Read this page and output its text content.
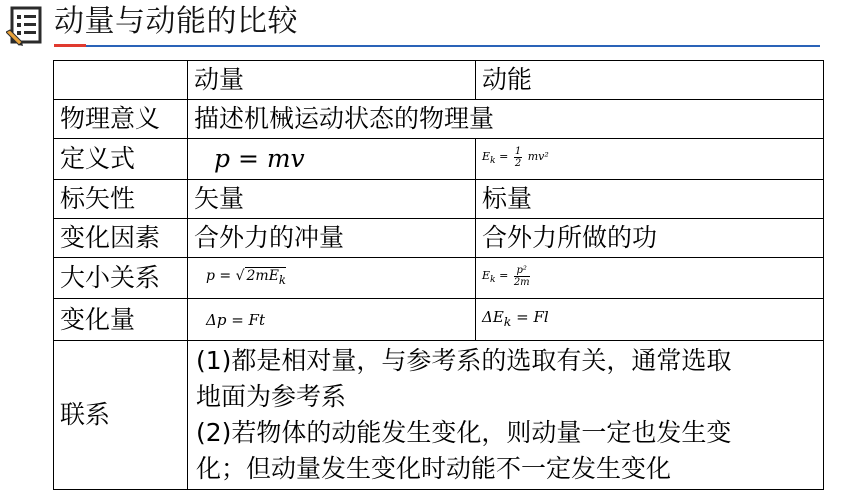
动量与动能的比较
	动量	动能
物理意义	描述机械运动状态的物理量	
定义式	p = mv	$E_k = \frac{1}{2} mv^2$
标矢性	矢量	标量
变化因素	合外力的冲量	合外力所做的功
大小关系	p = √ $2mE_k$	$E_k = \frac{\text{p²}}{2m}$

变化量	Δp = Ft	$\Delta E_k = Fl$
联系	(1)都是相对量，与参考系的选取有关，通常选取
地面为参考系
(2)若物体的动能发生变化，则动量一定也发生变
化；但动量发生变化时动能不一定发生变化	
